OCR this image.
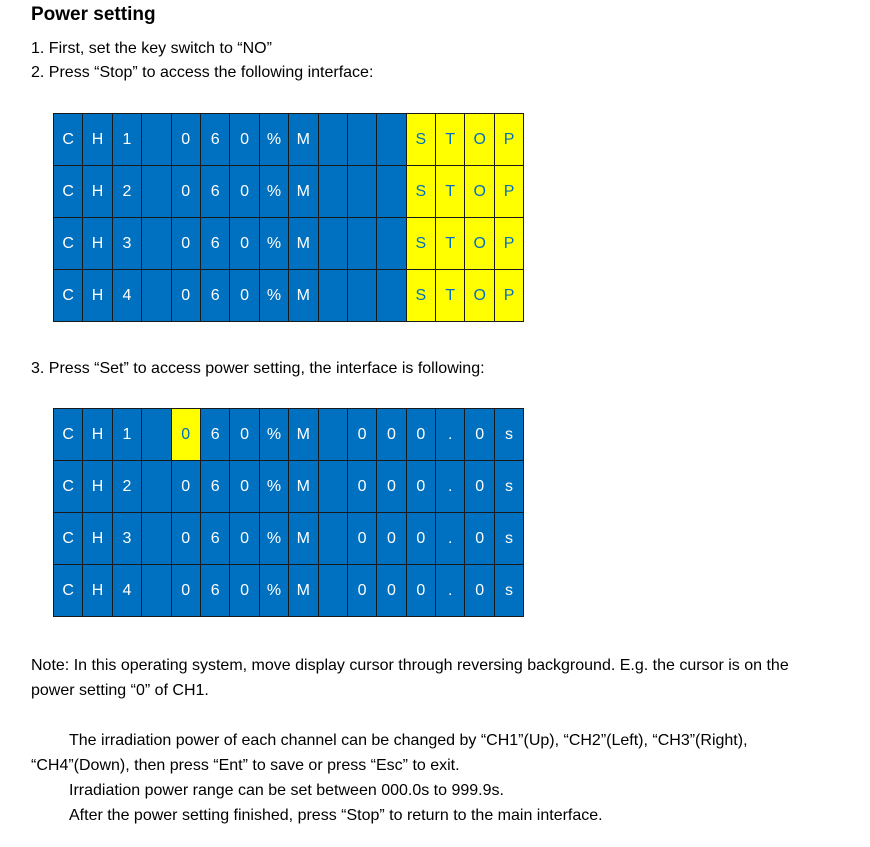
Power setting
1. First, set the key switch to “NO”
2. Press “Stop” to access the following interface:
C	H	1		0	6	0	%	M				S	T	O	P
C	H	2		0	6	0	%	M				S	T	O	P
C	H	3		0	6	0	%	M				S	T	O	P
C	H	4		0	6	0	%	M				S	T	O	P
3. Press “Set” to access power setting, the interface is following:
C	H	1		0	6	0	%	M		0	0	0	.	0	s
C	H	2		0	6	0	%	M		0	0	0	.	0	s
C	H	3		0	6	0	%	M		0	0	0	.	0	s
C	H	4		0	6	0	%	M		0	0	0	.	0	s
Note: In this operating system, move display cursor through reversing background. E.g. the cursor is on the
power setting “0” of CH1.
The irradiation power of each channel can be changed by “CH1”(Up), “CH2”(Left), “CH3”(Right),
“CH4”(Down), then press “Ent” to save or press “Esc” to exit.
Irradiation power range can be set between 000.0s to 999.9s.
After the power setting finished, press “Stop” to return to the main interface.
